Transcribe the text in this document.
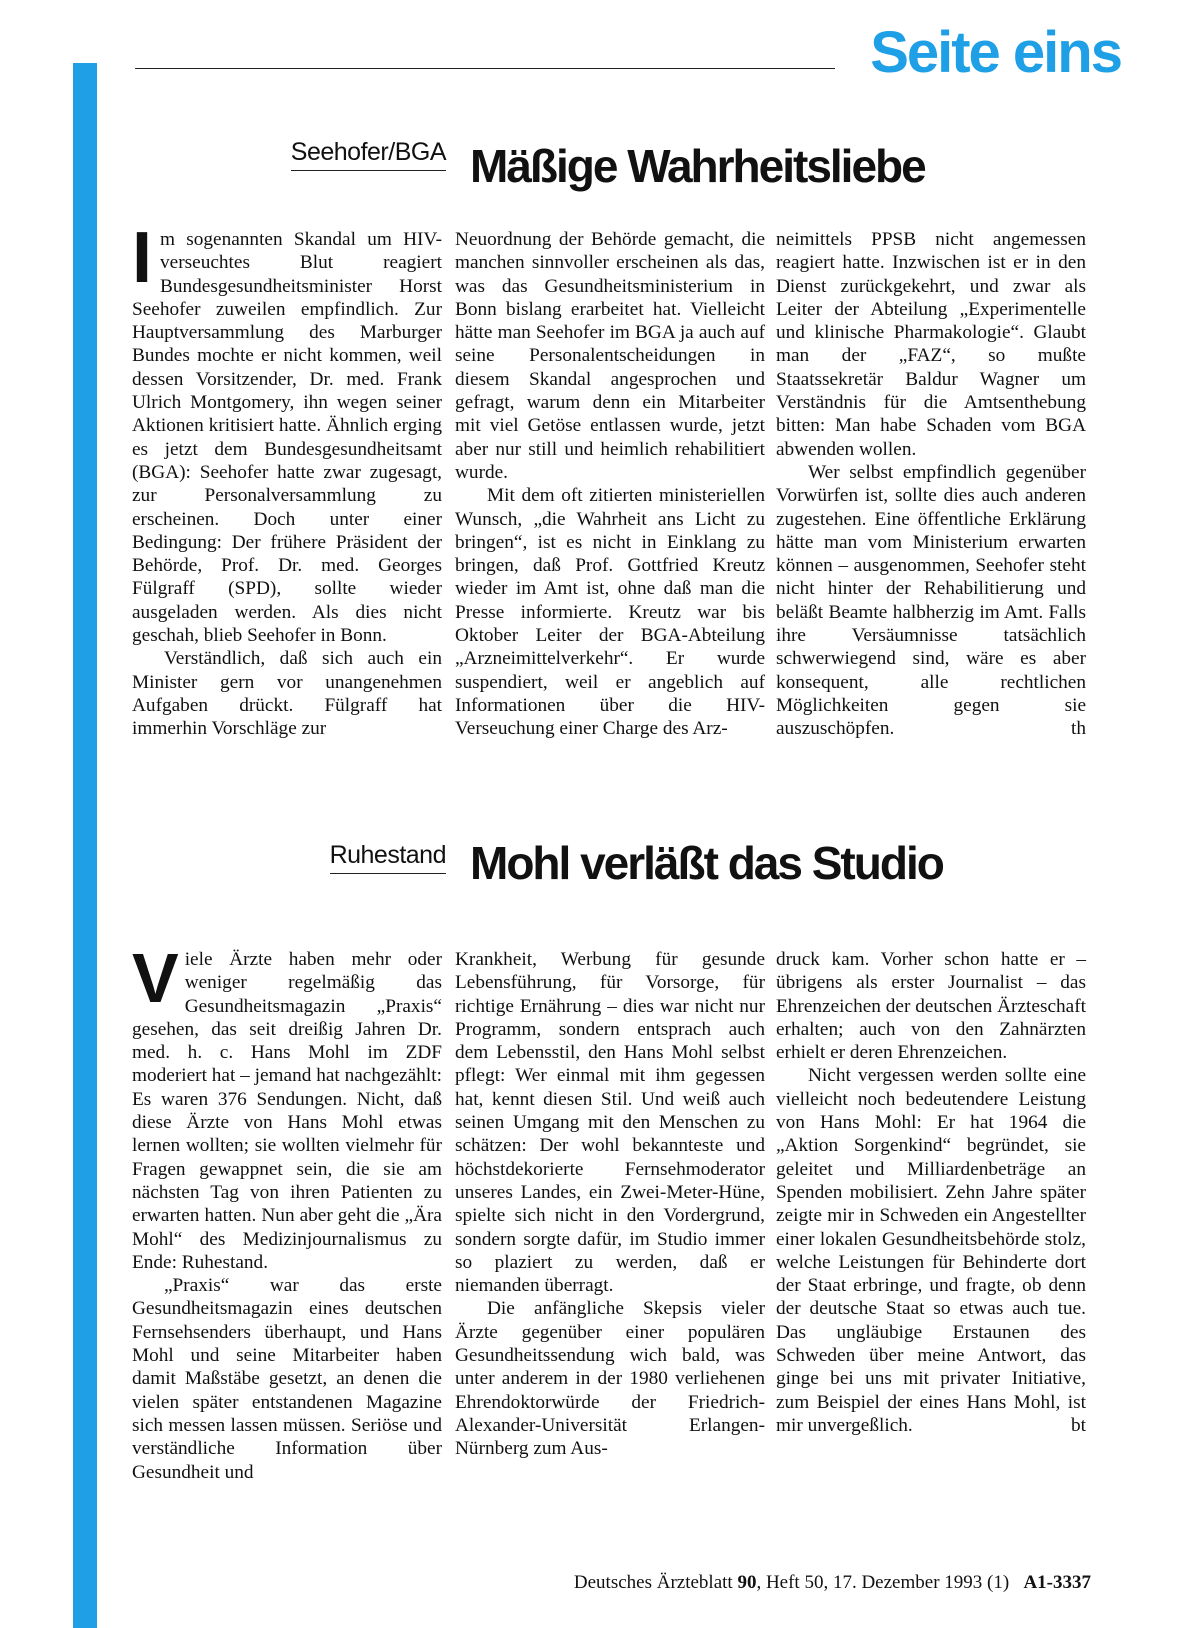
Seite eins
Seehofer/BGA Mäßige Wahrheitsliebe

Im sogenannten Skandal um HIV-verseuchtes Blut reagiert Bundesgesundheitsminister Horst Seehofer zuweilen empfindlich. Zur Hauptversammlung des Marburger Bundes mochte er nicht kommen, weil dessen Vorsitzender, Dr. med. Frank Ulrich Montgomery, ihn wegen seiner Aktionen kritisiert hatte. Ähnlich erging es jetzt dem Bundesgesundheitsamt (BGA): Seehofer hatte zwar zugesagt, zur Personalversammlung zu erscheinen. Doch unter einer Bedingung: Der frühere Präsident der Behörde, Prof. Dr. med. Georges Fülgraff (SPD), sollte wieder ausgeladen werden. Als dies nicht geschah, blieb Seehofer in Bonn.

Verständlich, daß sich auch ein Minister gern vor unangenehmen Aufgaben drückt. Fülgraff hat immerhin Vorschläge zur

Neuordnung der Behörde gemacht, die manchen sinnvoller erscheinen als das, was das Gesundheitsministerium in Bonn bislang erarbeitet hat. Vielleicht hätte man Seehofer im BGA ja auch auf seine Personalentscheidungen in diesem Skandal angesprochen und gefragt, warum denn ein Mitarbeiter mit viel Getöse entlassen wurde, jetzt aber nur still und heimlich rehabilitiert wurde.

Mit dem oft zitierten ministeriellen Wunsch, „die Wahrheit ans Licht zu bringen“, ist es nicht in Einklang zu bringen, daß Prof. Gottfried Kreutz wieder im Amt ist, ohne daß man die Presse informierte. Kreutz war bis Oktober Leiter der BGA-Abteilung „Arzneimittelverkehr“. Er wurde suspendiert, weil er angeblich auf Informationen über die HIV-Verseuchung einer Charge des Arz-

neimittels PPSB nicht angemessen reagiert hatte. Inzwischen ist er in den Dienst zurückgekehrt, und zwar als Leiter der Abteilung „Experimentelle und klinische Pharmakologie“. Glaubt man der „FAZ“, so mußte Staatssekretär Baldur Wagner um Verständnis für die Amtsenthebung bitten: Man habe Schaden vom BGA abwenden wollen.

Wer selbst empfindlich gegenüber Vorwürfen ist, sollte dies auch anderen zugestehen. Eine öffentliche Erklärung hätte man vom Ministerium erwarten können – ausgenommen, Seehofer steht nicht hinter der Rehabilitierung und beläßt Beamte halbherzig im Amt. Falls ihre Versäumnisse tatsächlich schwerwiegend sind, wäre es aber konsequent, alle rechtlichen Möglichkeiten gegen sie auszuschöpfen.	th

Ruhestand Mohl verläßt das Studio

Viele Ärzte haben mehr oder weniger regelmäßig das Gesundheitsmagazin „Praxis“ gesehen, das seit dreißig Jahren Dr. med. h. c. Hans Mohl im ZDF moderiert hat – jemand hat nachgezählt: Es waren 376 Sendungen. Nicht, daß diese Ärzte von Hans Mohl etwas lernen wollten; sie wollten vielmehr für Fragen gewappnet sein, die sie am nächsten Tag von ihren Patienten zu erwarten hatten. Nun aber geht die „Ära Mohl“ des Medizinjournalismus zu Ende: Ruhestand.

„Praxis“ war das erste Gesundheitsmagazin eines deutschen Fernsehsenders überhaupt, und Hans Mohl und seine Mitarbeiter haben damit Maßstäbe gesetzt, an denen die vielen später entstandenen Magazine sich messen lassen müssen. Seriöse und verständliche Information über Gesundheit und

Krankheit, Werbung für gesunde Lebensführung, für Vorsorge, für richtige Ernährung – dies war nicht nur Programm, sondern entsprach auch dem Lebensstil, den Hans Mohl selbst pflegt: Wer einmal mit ihm gegessen hat, kennt diesen Stil. Und weiß auch seinen Umgang mit den Menschen zu schätzen: Der wohl bekannteste und höchstdekorierte Fernsehmoderator unseres Landes, ein Zwei-Meter-Hüne, spielte sich nicht in den Vordergrund, sondern sorgte dafür, im Studio immer so plaziert zu werden, daß er niemanden überragt.

Die anfängliche Skepsis vieler Ärzte gegenüber einer populären Gesundheitssendung wich bald, was unter anderem in der 1980 verliehenen Ehrendoktorwürde der Friedrich-Alexander-Universität Erlangen-Nürnberg zum Aus-

druck kam. Vorher schon hatte er – übrigens als erster Journalist – das Ehrenzeichen der deutschen Ärzteschaft erhalten; auch von den Zahnärzten erhielt er deren Ehrenzeichen.

Nicht vergessen werden sollte eine vielleicht noch bedeutendere Leistung von Hans Mohl: Er hat 1964 die „Aktion Sorgenkind“ begründet, sie geleitet und Milliardenbeträge an Spenden mobilisiert. Zehn Jahre später zeigte mir in Schweden ein Angestellter einer lokalen Gesundheitsbehörde stolz, welche Leistungen für Behinderte dort der Staat erbringe, und fragte, ob denn der deutsche Staat so etwas auch tue. Das ungläubige Erstaunen des Schweden über meine Antwort, das ginge bei uns mit privater Initiative, zum Beispiel der eines Hans Mohl, ist mir unvergeßlich.	bt

Deutsches Ärzteblatt 90, Heft 50, 17. Dezember 1993 (1) A1-3337
